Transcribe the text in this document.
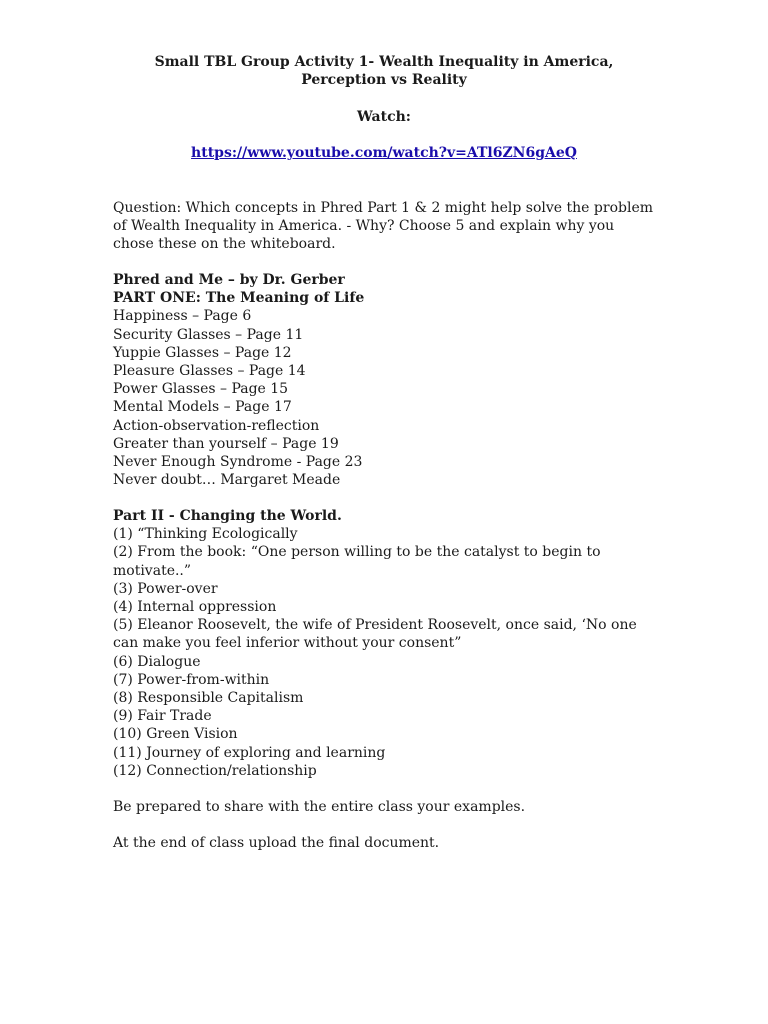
Small TBL Group Activity 1- Wealth Inequality in America, Perception vs Reality
Watch:
https://www.youtube.com/watch?v=ATl6ZN6gAeQ
Question: Which concepts in Phred Part 1 & 2 might help solve the problem of Wealth Inequality in America. - Why? Choose 5 and explain why you chose these on the whiteboard.
Phred and Me – by Dr. Gerber
PART ONE: The Meaning of Life
Happiness – Page 6
Security Glasses – Page 11
Yuppie Glasses – Page 12
Pleasure Glasses – Page 14
Power Glasses – Page 15
Mental Models – Page 17
Action-observation-reflection
Greater than yourself – Page 19
Never Enough Syndrome - Page 23
Never doubt… Margaret Meade
Part II - Changing the World.
(1) “Thinking Ecologically
(2) From the book: “One person willing to be the catalyst to begin to motivate..”
(3) Power-over
(4) Internal oppression
(5) Eleanor Roosevelt, the wife of President Roosevelt, once said, ‘No one can make you feel inferior without your consent”
(6) Dialogue
(7) Power-from-within
(8) Responsible Capitalism
(9) Fair Trade
(10) Green Vision
(11) Journey of exploring and learning
(12) Connection/relationship
Be prepared to share with the entire class your examples.
At the end of class upload the final document.
